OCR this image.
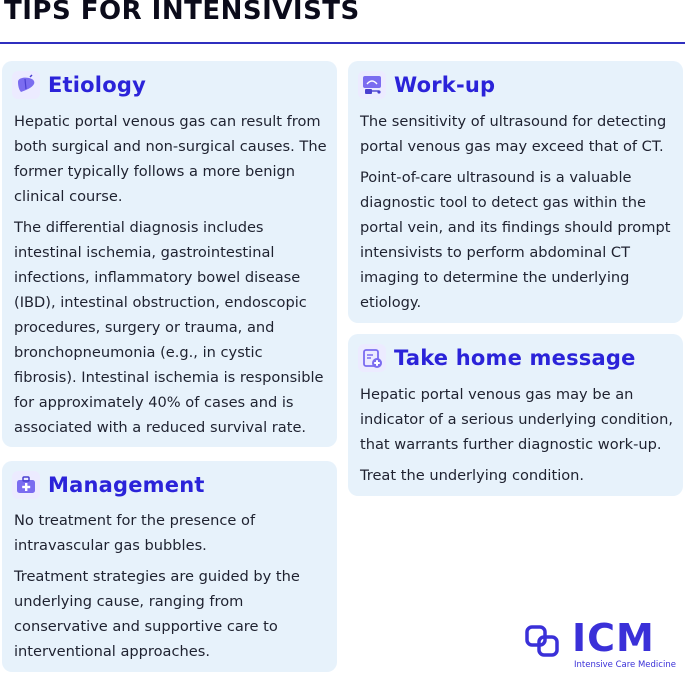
TIPS FOR INTENSIVISTS
Etiology

Hepatic portal venous gas can result from both surgical and non-surgical causes. The former typically follows a more benign clinical course.

The differential diagnosis includes intestinal ischemia, gastrointestinal infections, inflammatory bowel disease (IBD), intestinal obstruction, endoscopic procedures, surgery or trauma, and bronchopneumonia (e.g., in cystic fibrosis). Intestinal ischemia is responsible for approximately 40% of cases and is associated with a reduced survival rate.

Management

No treatment for the presence of intravascular gas bubbles.

Treatment strategies are guided by the underlying cause, ranging from conservative and supportive care to interventional approaches.

Work-up

The sensitivity of ultrasound for detecting portal venous gas may exceed that of CT.

Point-of-care ultrasound is a valuable diagnostic tool to detect gas within the portal vein, and its findings should prompt intensivists to perform abdominal CT imaging to determine the underlying etiology.

Take home message

Hepatic portal venous gas may be an indicator of a serious underlying condition, that warrants further diagnostic work-up.

Treat the underlying condition.

ICM
Intensive Care Medicine
